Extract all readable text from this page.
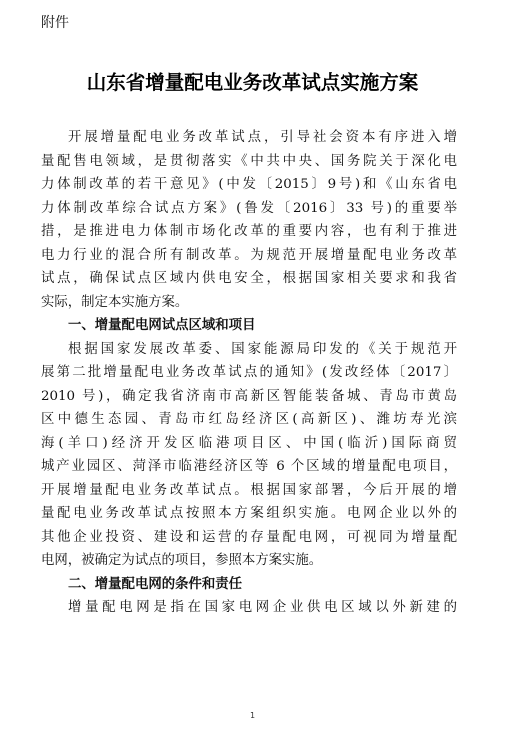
附件
山东省增量配电业务改革试点实施方案
开展增量配电业务改革试点，引导社会资本有序进入增
量配售电领域，是贯彻落实《中共中央、国务院关于深化电
力体制改革的若干意见》(中发〔2015〕9号)和《山东省电
力体制改革综合试点方案》(鲁发〔2016〕33 号)的重要举
措，是推进电力体制市场化改革的重要内容，也有利于推进
电力行业的混合所有制改革。为规范开展增量配电业务改革
试点，确保试点区域内供电安全，根据国家相关要求和我省
实际，制定本实施方案。
一、增量配电网试点区域和项目
根据国家发展改革委、国家能源局印发的《关于规范开
展第二批增量配电业务改革试点的通知》(发改经体〔2017〕
2010 号)，确定我省济南市高新区智能装备城、青岛市黄岛
区中德生态园、青岛市红岛经济区(高新区)、潍坊寿光滨
海(羊口)经济开发区临港项目区、中国(临沂)国际商贸
城产业园区、菏泽市临港经济区等 6 个区域的增量配电项目，
开展增量配电业务改革试点。根据国家部署，今后开展的增
量配电业务改革试点按照本方案组织实施。电网企业以外的
其他企业投资、建设和运营的存量配电网，可视同为增量配
电网，被确定为试点的项目，参照本方案实施。
二、增量配电网的条件和责任
增量配电网是指在国家电网企业供电区域以外新建的
1
